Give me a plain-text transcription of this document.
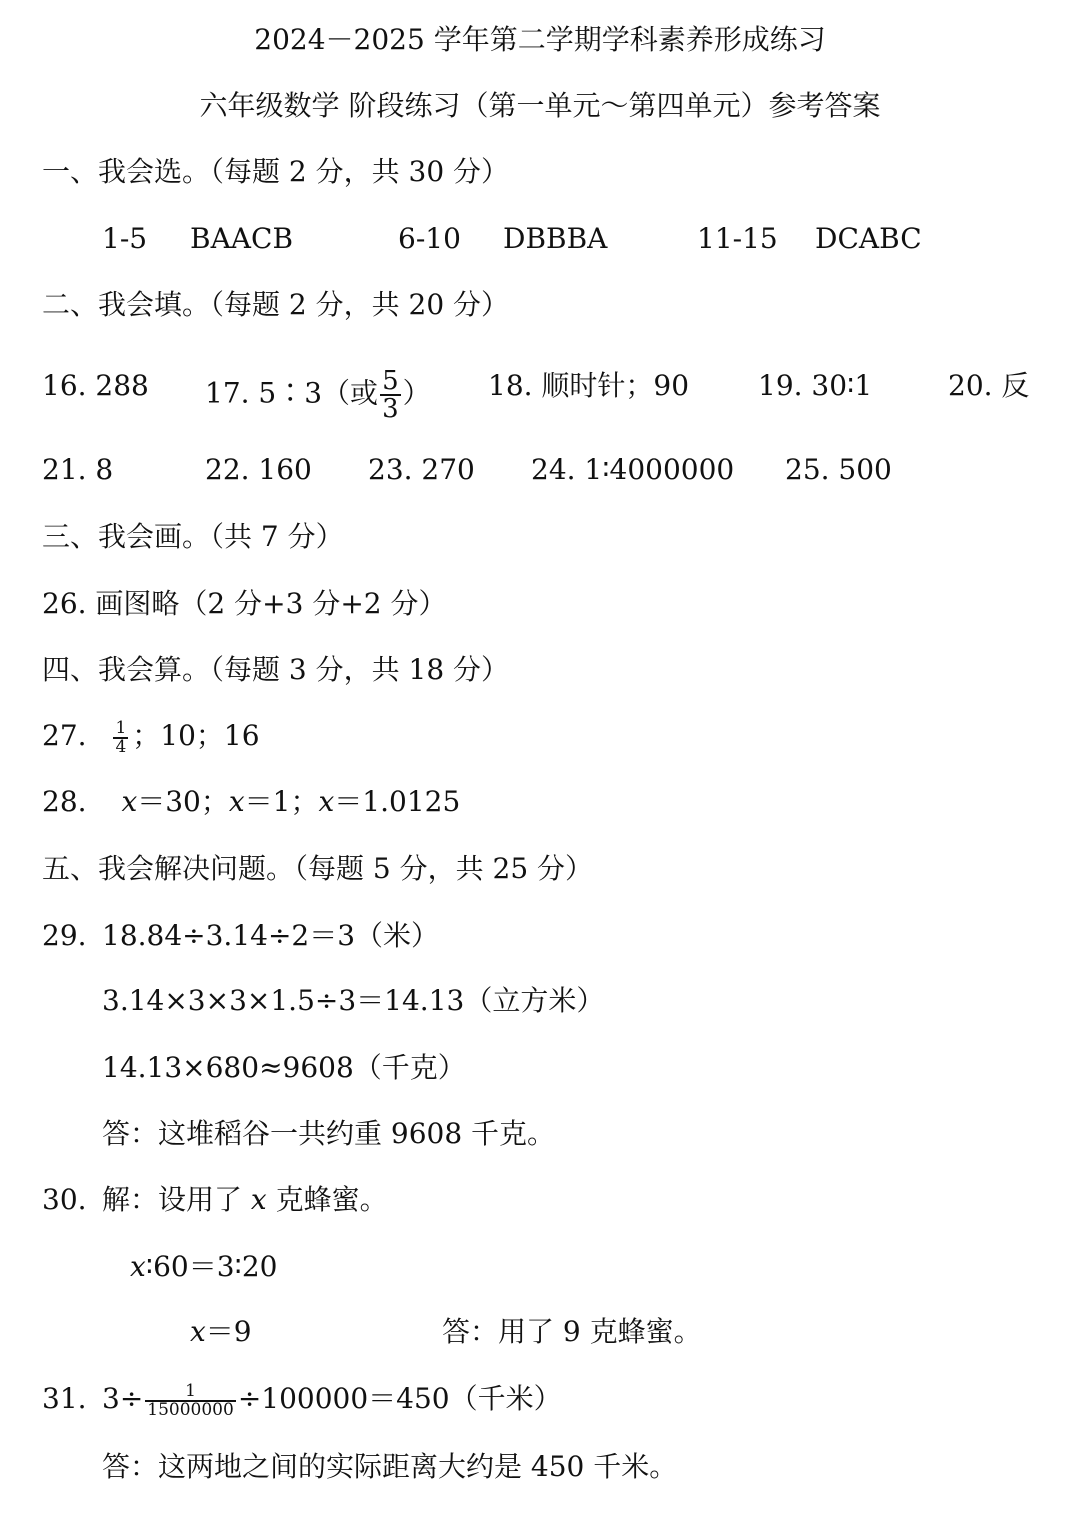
2024－2025 学年第二学期学科素养形成练习
六年级数学 阶段练习（第一单元～第四单元）参考答案
一、我会选。（每题 2 分，共 30 分）
1-5 BAACB	6-10 DBBBA	11-15 DCABC
二、我会填。（每题 2 分，共 20 分）
16. 288 17. 5∶3（或 $\frac{5}{3}$ ） 18. 顺时针；90 19. 30∶1	20. 反
21. 8	22. 160 23. 270 24. 1∶4000000 25. 500
三、我会画。（共 7 分）
26. 画图略（2 分+3 分+2 分）
四、我会算。（每题 3 分，共 18 分）
27. $\frac{1}{4}$ ；10；16
28. x＝30；x＝1；x＝1.0125
五、我会解决问题。（每题 5 分，共 25 分）
29. 18.84÷3.14÷2＝3（米）
3.14×3×3×1.5÷3＝14.13（立方米）
14.13×680≈9608（千克）
答：这堆稻谷一共约重 9608 千克。
30. 解：设用了 x 克蜂蜜。
x∶60＝3∶20
x＝9	答：用了 9 克蜂蜜。
31. $3\div \frac{1}{15000000} \div 100000=450$（千米）
答：这两地之间的实际距离大约是 450 千米。
